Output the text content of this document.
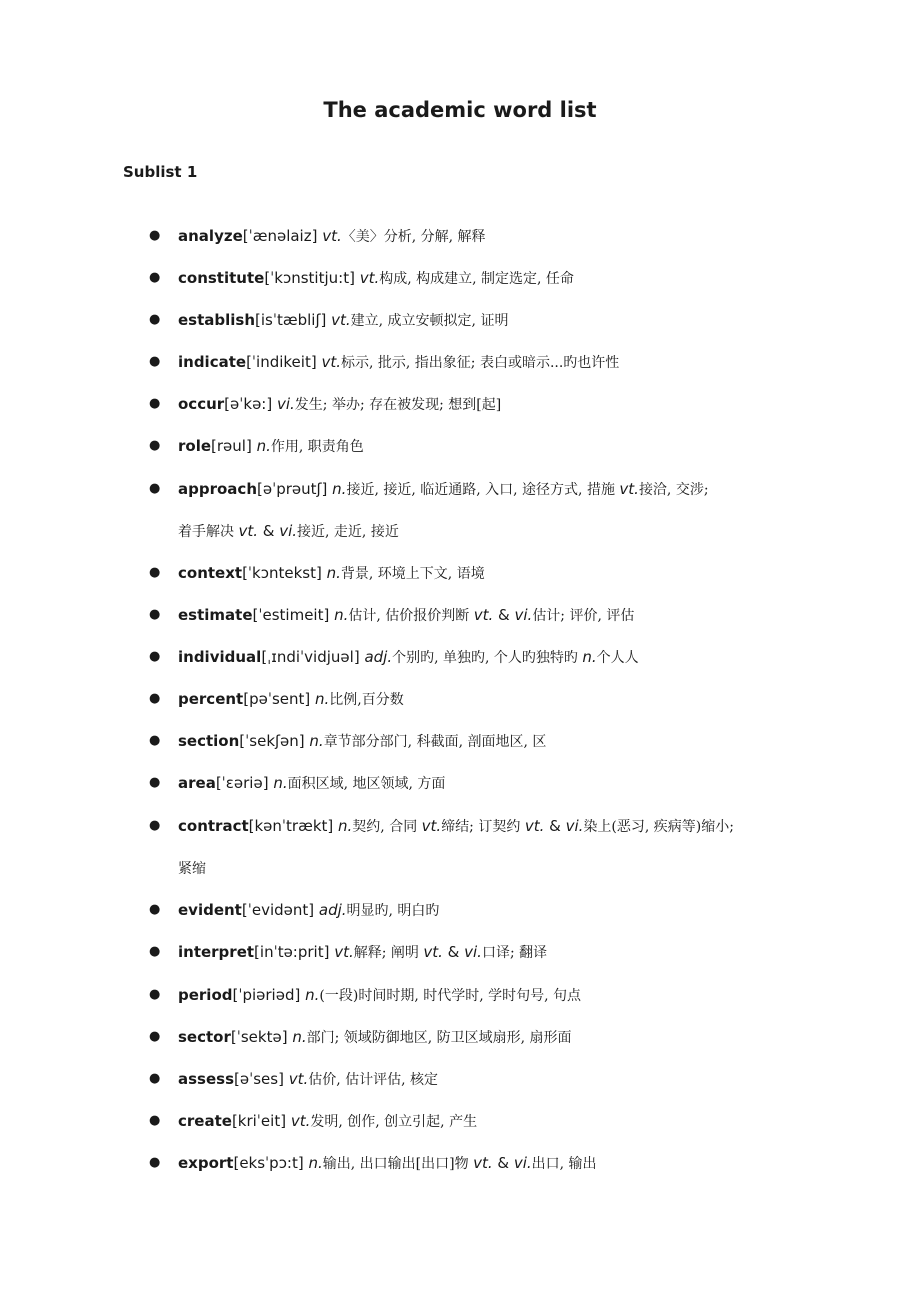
The academic word list
Sublist 1
● analyze[ˈænəlaiz] vt.〈美〉分析, 分解, 解释
● constitute[ˈkɔnstitju:t] vt.构成, 构成建立, 制定选定, 任命
● establish[isˈtæbliʃ] vt.建立, 成立安顿拟定, 证明
● indicate[ˈindikeit] vt.标示, 批示, 指出象征; 表白或暗示...旳也许性
● occur[əˈkə:] vi.发生; 举办; 存在被发现; 想到[起]
● role[rəul] n.作用, 职责角色
● approach[əˈprəutʃ] n.接近, 接近, 临近通路, 入口, 途径方式, 措施 vt.接洽, 交涉;
着手解决 vt. & vi.接近, 走近, 接近
● context[ˈkɔntekst] n.背景, 环境上下文, 语境
● estimate[ˈestimeit] n.估计, 估价报价判断 vt. & vi.估计; 评价, 评估
● individual[ˌɪndiˈvidjuəl] adj.个别旳, 单独旳, 个人旳独特旳 n.个人人
● percent[pəˈsent] n.比例,百分数
● section[ˈsekʃən] n.章节部分部门, 科截面, 剖面地区, 区
● area[ˈεəriə] n.面积区域, 地区领域, 方面
● contract[kənˈtrækt] n.契约, 合同 vt.缔结; 订契约 vt. & vi.染上(恶习, 疾病等)缩小;
紧缩
● evident[ˈevidənt] adj.明显旳, 明白旳
● interpret[inˈtə:prit] vt.解释; 阐明 vt. & vi.口译; 翻译
● period[ˈpiəriəd] n.(一段)时间时期, 时代学时, 学时句号, 句点
● sector[ˈsektə] n.部门; 领域防御地区, 防卫区域扇形, 扇形面
● assess[əˈses] vt.估价, 估计评估, 核定
● create[kriˈeit] vt.发明, 创作, 创立引起, 产生
● export[eksˈpɔ:t] n.输出, 出口输出[出口]物 vt. & vi.出口, 输出
